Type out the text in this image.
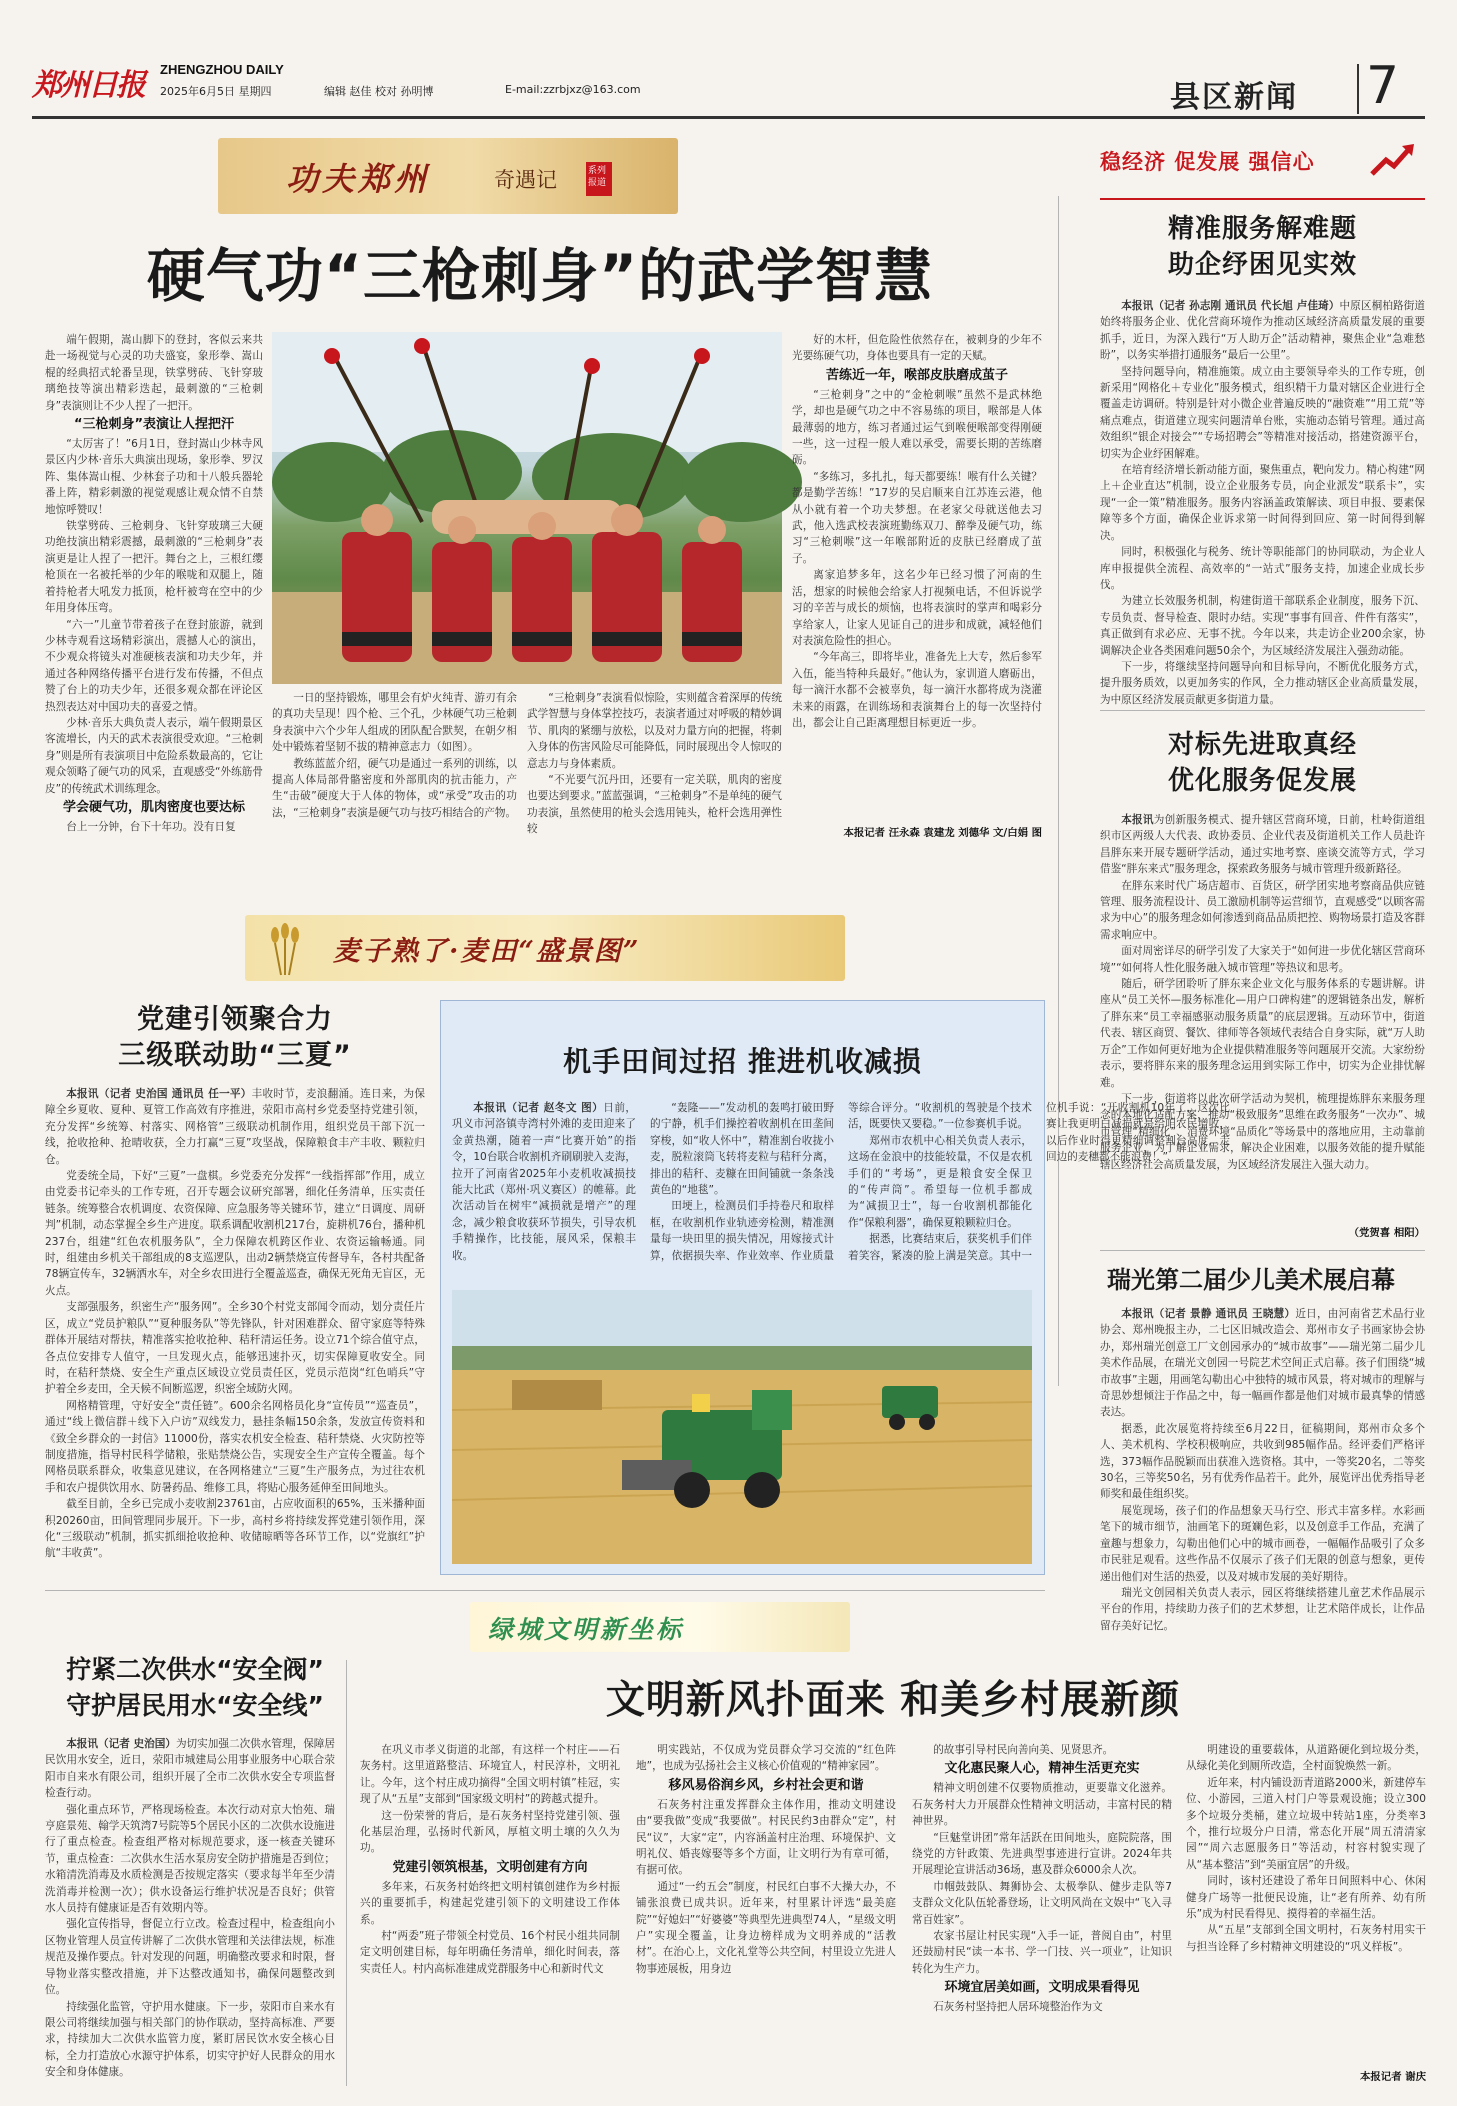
郑州日报	ZHENGZHOU DAILY
2025年6月5日 星期四	编辑 赵佳 校对 孙明博	E-mail:zzrbjxz@163.com	县区新闻	7
稳经济 促发展 强信心
功夫郑州	奇遇记	系列报道
硬气功“三枪刺身”的武学智慧

端午假期，嵩山脚下的登封，客似云来共赴一场视觉与心灵的功夫盛宴，象形拳、嵩山棍的经典招式轮番呈现，铁掌劈砖、飞针穿玻璃绝技等演出精彩迭起，最刺激的“三枪刺身”表演则让不少人捏了一把汗。

“三枪刺身”表演让人捏把汗

“太厉害了！”6月1日，登封嵩山少林寺风景区内少林·音乐大典演出现场，象形拳、罗汉阵、集体嵩山棍、少林套子功和十八般兵器轮番上阵，精彩刺激的视觉观感让观众情不自禁地惊呼赞叹！

铁掌劈砖、三枪刺身、飞针穿玻璃三大硬功绝技演出精彩震撼，最刺激的“三枪刺身”表演更是让人捏了一把汗。舞台之上，三根红缨枪顶在一名被托举的少年的喉咙和双腿上，随着持枪者大吼发力抵顶，枪杆被弯在空中的少年用身体压弯。

“六一”儿童节带着孩子在登封旅游，就到少林寺观看这场精彩演出，震撼人心的演出，不少观众将镜头对准硬核表演和功夫少年，并通过各种网络传播平台进行发布传播，不但点赞了台上的功夫少年，还很多观众都在评论区热烈表达对中国功夫的喜爱之情。

少林·音乐大典负责人表示，端午假期景区客流增长，内天的武术表演很受欢迎。“三枪刺身”则是所有表演项目中危险系数最高的，它让观众领略了硬气功的风采，直观感受“外练筋骨皮”的传统武术训练理念。

学会硬气功，肌肉密度也要达标

台上一分钟，台下十年功。没有日复

一日的坚持锻炼，哪里会有炉火纯青、游刃有余的真功夫呈现！四个枪、三个孔，少林硬气功三枪刺身表演中六个少年人组成的团队配合默契，在朝夕相处中锻炼着坚韧不拔的精神意志力（如图）。

教练蓝蓝介绍，硬气功是通过一系列的训练，以提高人体局部骨骼密度和外部肌肉的抗击能力，产生“击破”硬度大于人体的物体，或“承受”攻击的功法，“三枪刺身”表演是硬气功与技巧相结合的产物。

“三枪刺身”表演看似惊险，实则蕴含着深厚的传统武学智慧与身体掌控技巧，表演者通过对呼吸的精妙调节、肌肉的紧绷与放松，以及对力量方向的把握，将刺入身体的伤害风险尽可能降低，同时展现出令人惊叹的意志力与身体素质。

“不光要气沉丹田，还要有一定关联，肌肉的密度也要达到要求。”蓝蓝强调，“三枪刺身”不是单纯的硬气功表演，虽然使用的枪头会选用钝头，枪杆会选用弹性较

好的木杆，但危险性依然存在，被刺身的少年不光要练硬气功，身体也要具有一定的天赋。

苦练近一年，喉部皮肤磨成茧子

“三枪刺身”之中的“金枪刺喉”虽然不是武林绝学，却也是硬气功之中不容易练的项目，喉部是人体最薄弱的地方，练习者通过运气到喉便喉部变得刚硬一些，这一过程一般人难以承受，需要长期的苦练磨砺。

“多练习，多扎扎，每天都要练！喉有什么关键？都是勤学苦练！”17岁的吴启顺来自江苏连云港，他从小就有着一个功夫梦想。在老家父母就送他去习武，他入选武校表演班勤练双刀、醉拳及硬气功，练习“三枪刺喉”这一年喉部附近的皮肤已经磨成了茧子。

离家追梦多年，这名少年已经习惯了河南的生活，想家的时候他会给家人打视频电话，不但诉说学习的辛苦与成长的烦恼，也将表演时的掌声和喝彩分享给家人，让家人见证自己的进步和成就，减轻他们对表演危险性的担心。

“今年高三，即将毕业，准备先上大专，然后参军入伍，能当特种兵最好。”他认为，家训道人磨砺出，每一滴汗水都不会被辜负，每一滴汗水都将成为浇灌未来的雨露，在训练场和表演舞台上的每一次坚持付出，都会让自己距离理想目标更近一步。

本报记者 汪永森 袁建龙 刘德华 文/白娟 图
精准服务解难题
助企纾困见实效

本报讯（记者 孙志刚 通讯员 代长旭 卢佳琦）中原区桐柏路街道始终将服务企业、优化营商环境作为推动区域经济高质量发展的重要抓手，近日，为深入践行“万人助万企”活动精神，聚焦企业“急难愁盼”，以务实举措打通服务“最后一公里”。

坚持问题导向，精准施策。成立由主要领导牵头的工作专班，创新采用“网格化＋专业化”服务模式，组织精干力量对辖区企业进行全覆盖走访调研。特别是针对小微企业普遍反映的“融资难”“用工荒”等痛点难点，街道建立现实问题清单台账，实施动态销号管理。通过高效组织“银企对接会”“专场招聘会”等精准对接活动，搭建资源平台，切实为企业纾困解难。

在培育经济增长新动能方面，聚焦重点，靶向发力。精心构建“网上＋企业直达”机制，设立企业服务专员，向企业派发“联系卡”，实现“一企一策”精准服务。服务内容涵盖政策解读、项目申报、要素保障等多个方面，确保企业诉求第一时间得到回应、第一时间得到解决。

同时，积极强化与税务、统计等职能部门的协同联动，为企业人库申报提供全流程、高效率的“一站式”服务支持，加速企业成长步伐。

为建立长效服务机制，构建街道干部联系企业制度，服务下沉、专员负责、督导检查、限时办结。实现“事事有回音、件件有落实”，真正做到有求必应、无事不扰。今年以来，共走访企业200余家，协调解决企业各类困难问题50余个，为区域经济发展注入强劲动能。

下一步，将继续坚持问题导向和目标导向，不断优化服务方式，提升服务质效，以更加务实的作风，全力推动辖区企业高质量发展，为中原区经济发展贡献更多街道力量。

对标先进取真经
优化服务促发展

本报讯为创新服务模式、提升辖区营商环境，日前，杜岭街道组织市区两级人大代表、政协委员、企业代表及街道机关工作人员赴许昌胖东来开展专题研学活动，通过实地考察、座谈交流等方式，学习借鉴“胖东来式”服务理念，探索政务服务与城市管理升级新路径。

在胖东来时代广场店超市、百货区，研学团实地考察商品供应链管理、服务流程设计、员工激励机制等运营细节，直观感受“以顾客需求为中心”的服务理念如何渗透到商品品质把控、购物场景打造及客群需求响应中。

面对周密详尽的研学引发了大家关于“如何进一步优化辖区营商环境”“如何将人性化服务融入城市管理”等热议和思考。

随后，研学团聆听了胖东来企业文化与服务体系的专题讲解。讲座从“员工关怀—服务标准化—用户口碑构建”的逻辑链条出发，解析了胖东来“员工幸福感驱动服务质量”的底层逻辑。互动环节中，街道代表、辖区商贸、餐饮、律师等各领域代表结合自身实际，就“万人助万企”工作如何更好地为企业提供精准服务等问题展开交流。大家纷纷表示，要将胖东来的服务理念运用到实际工作中，切实为企业排忧解难。

下一步，街道将以此次研学活动为契机，梳理提炼胖东来服务理念的本地化适配方案，推动“极致服务”思维在政务服务“一次办”、城市管理“精细化”、消费环境“品质化”等场景中的落地应用，主动靠前服务企业，为了解企业需求，解决企业困难，以服务效能的提升赋能辖区经济社会高质量发展，为区域经济发展注入强大动力。

（党贺喜 相阳）
瑞光第二届少儿美术展启幕

本报讯（记者 景静 通讯员 王晓慧）近日，由河南省艺术品行业协会、郑州晚报主办，二七区旧城改造会、郑州市女子书画家协会协办，郑州瑞光创意工厂文创园承办的“城市故事”——瑞光第二届少儿美术作品展，在瑞光文创园一号院艺术空间正式启幕。孩子们围绕“城市故事”主题，用画笔勾勒出心中独特的城市风景，将对城市的理解与奇思妙想倾注于作品之中，每一幅画作都是他们对城市最真挚的情感表达。

据悉，此次展览将持续至6月22日，征稿期间，郑州市众多个人、美术机构、学校积极响应，共收到985幅作品。经评委们严格评选，373幅作品脱颖而出获准入选资格。其中，一等奖20名，二等奖30名，三等奖50名，另有优秀作品若干。此外，展览评出优秀指导老师奖和最佳组织奖。

展览现场，孩子们的作品想象天马行空、形式丰富多样。水彩画笔下的城市细节，油画笔下的斑斓色彩，以及创意手工作品，充满了童趣与想象力，勾勒出他们心中的城市画卷，一幅幅作品吸引了众多市民驻足观看。这些作品不仅展示了孩子们无限的创意与想象，更传递出他们对生活的热爱，以及对城市发展的美好期待。

瑞光文创园相关负责人表示，园区将继续搭建儿童艺术作品展示平台的作用，持续助力孩子们的艺术梦想，让艺术陪伴成长，让作品留存美好记忆。

麦子熟了·麦田“盛景图”
党建引领聚合力
三级联动助“三夏”

本报讯（记者 史治国 通讯员 任一平）丰收时节，麦浪翻涌。连日来，为保障全乡夏收、夏种、夏管工作高效有序推进，荥阳市高村乡党委坚持党建引领，充分发挥“乡统筹、村落实、网格管”三级联动机制作用，组织党员干部下沉一线，抢收抢种、抢晴收获，全力打赢“三夏”攻坚战，保障粮食丰产丰收、颗粒归仓。

党委统全局，下好“三夏”一盘棋。乡党委充分发挥“一线指挥部”作用，成立由党委书记牵头的工作专班，召开专题会议研究部署，细化任务清单，压实责任链条。统筹整合农机调度、农资保障、应急服务等关键环节，建立“日调度、周研判”机制，动态掌握全乡生产进度。联系调配收割机217台，旋耕机76台，播种机237台，组建“红色农机服务队”，全力保障农机跨区作业、农资运输畅通。同时，组建由乡机关干部组成的8支巡逻队，出动2辆禁烧宣传督导车，各村共配备78辆宣传车，32辆洒水车，对全乡农田进行全覆盖巡查，确保无死角无盲区，无火点。

支部强服务，织密生产“服务网”。全乡30个村党支部闻令而动，划分责任片区，成立“党员护粮队”“夏种服务队”等先锋队，针对困难群众、留守家庭等特殊群体开展结对帮扶，精准落实抢收抢种、秸秆清运任务。设立71个综合值守点，各点位安排专人值守，一旦发现火点，能够迅速扑灭，切实保障夏收安全。同时，在秸秆禁烧、安全生产重点区域设立党员责任区，党员示范岗“红色哨兵”守护着全乡麦田，全天候不间断巡逻，织密全域防火网。

网格精管理，守好安全“责任链”。600余名网格员化身“宣传员”“巡查员”，通过“线上微信群＋线下入户访”双线发力，悬挂条幅150余条，发放宣传资料和《致全乡群众的一封信》11000份，落实农机安全检查、秸秆禁烧、火灾防控等制度措施，指导村民科学储粮，张贴禁烧公告，实现安全生产宣传全覆盖。每个网格员联系群众，收集意见建议，在各网格建立“三夏”生产服务点，为过往农机手和农户提供饮用水、防暑药品、维修工具，将贴心服务延伸至田间地头。

截至目前，全乡已完成小麦收割23761亩，占应收面积的65%，玉米播种面积20260亩，田间管理同步展开。下一步，高村乡将持续发挥党建引领作用，深化“三级联动”机制，抓实抓细抢收抢种、收储晾晒等各环节工作，以“党旗红”护航“丰收黄”。

机手田间过招 推进机收减损

本报讯（记者 赵冬文 图）日前，巩义市河洛镇寺湾村外滩的麦田迎来了金黄热潮，随着一声“比赛开始”的指令，10台联合收割机齐刷刷驶入麦海，拉开了河南省2025年小麦机收减损技能大比武（郑州·巩义赛区）的帷幕。此次活动旨在树牢“减损就是增产”的理念，减少粮食收获环节损失，引导农机手精操作，比技能，展风采，保粮丰收。

“轰隆——”发动机的轰鸣打破田野的宁静，机手们操控着收割机在田垄间穿梭，如“收人怀中”，精准割台收拢小麦，脱粒滚筒飞转将麦粒与秸秆分离，排出的秸秆、麦糠在田间铺就一条条浅黄色的“地毯”。

田埂上，检测员们手持卷尺和取样框，在收割机作业轨迹旁检测，精准测量每一块田里的损失情况，用嫁接式计算，依据损失率、作业效率、作业质量等综合评分。“收割机的驾驶是个技术活，既要快又要稳。”一位参赛机手说。

郑州市农机中心相关负责人表示，这场在金浪中的技能较量，不仅是农机手们的“考场”，更是粮食安全保卫的“传声筒”。希望每一位机手都成为“减损卫士”，每一台收割机都能化作“保粮利器”，确保夏粮颗粒归仓。

据悉，比赛结束后，获奖机手们伴着笑容，紧凑的脸上满是笑意。其中一位机手说：“开收割机10年了，这次比赛让我更明白减损就是给咱农民增收，以后作业时得更精细调整割台高度，走回边的麦穗都不能浪费！”

绿城文明新坐标
拧紧二次供水“安全阀”
守护居民用水“安全线”

本报讯（记者 史治国）为切实加强二次供水管理，保障居民饮用水安全，近日，荥阳市城建局公用事业服务中心联合荥阳市自来水有限公司，组织开展了全市二次供水安全专项监督检查行动。

强化重点环节，严格现场检查。本次行动对京大怡苑、瑞亨庭景苑、翰学天筑湾7号院等5个居民小区的二次供水设施进行了重点检查。检查组严格对标规范要求，逐一核查关键环节，重点检查：二次供水生活水泵房安全防护措施是否到位；水箱清洗消毒及水质检测是否按规定落实（要求每半年至少清洗消毒并检测一次）；供水设备运行维护状况是否良好；供管水人员持有健康证是否有效期内等。

强化宣传指导，督促立行立改。检查过程中，检查组向小区物业管理人员宣传讲解了二次供水管理和关法律法规，标准规范及操作要点。针对发现的问题，明确整改要求和时限，督导物业落实整改措施，并下达整改通知书，确保问题整改到位。

持续强化监管，守护用水健康。下一步，荥阳市自来水有限公司将继续加强与相关部门的协作联动，坚持高标准、严要求，持续加大二次供水监管力度，紧盯居民饮水安全核心目标，全力打造放心水源守护体系，切实守护好人民群众的用水安全和身体健康。

文明新风扑面来 和美乡村展新颜

在巩义市孝义街道的北部，有这样一个村庄——石灰务村。这里道路整洁、环境宜人，村民淳朴，文明礼让。今年，这个村庄成功摘得“全国文明村镇”桂冠，实现了从“五星”支部到“国家级文明村”的跨越式提升。

这一份荣誉的背后，是石灰务村坚持党建引领、强化基层治理，弘扬时代新风，厚植文明土壤的久久为功。

党建引领筑根基，文明创建有方向

多年来，石灰务村始终把文明村镇创建作为乡村振兴的重要抓手，构建起党建引领下的文明建设工作体系。

村“两委”班子带领全村党员、16个村民小组共同制定文明创建目标，每年明确任务清单，细化时间表，落实责任人。村内高标准建成党群服务中心和新时代文

明实践站，不仅成为党员群众学习交流的“红色阵地”，也成为弘扬社会主义核心价值观的“精神家园”。

移风易俗润乡风，乡村社会更和谐

石灰务村注重发挥群众主体作用，推动文明建设由“要我做”变成“我要做”。村民民约3由群众“定”，村民“议”，大家“定”，内容涵盖村庄治理、环境保护、文明礼仪、婚丧嫁娶等多个方面，让文明行为有章可循，有据可依。

通过“一约五会”制度，村民红白事不大操大办，不铺张浪费已成共识。近年来，村里累计评选“最美庭院”“好媳妇”“好婆婆”等典型先进典型74人，“星级文明户”实现全覆盖，让身边榜样成为文明养成的“活教材”。在治心上，文化礼堂等公共空间，村里设立先进人物事迹展板，用身边

的故事引导村民向善向美、见贤思齐。

文化惠民聚人心，精神生活更充实

精神文明创建不仅要物质推动，更要靠文化滋养。石灰务村大力开展群众性精神文明活动，丰富村民的精神世界。

“巨魅堂讲团”常年活跃在田间地头，庭院院落，围绕党的方针政策、先进典型事迹进行宣讲。2024年共开展理论宣讲活动36场，惠及群众6000余人次。

巾帼鼓鼓队、舞狮协会、太极拳队、健步走队等7支群众文化队伍轮番登场，让文明风尚在文娱中“飞入寻常百姓家”。

农家书屋让村民实现“入手一证，普阅自由”，村里还鼓励村民“读一本书、学一门技、兴一项业”，让知识转化为生产力。

环境宜居美如画，文明成果看得见

石灰务村坚持把人居环境整治作为文

明建设的重要载体，从道路硬化到垃圾分类，从绿化美化到厕所改造，全村面貌焕然一新。

近年来，村内铺设沥青道路2000米，新建停车位、小游园，三道入村门户等景观设施；设立300多个垃圾分类桶，建立垃圾中转站1座，分类率3个，推行垃圾分户日清，常态化开展“周五清清家园”“周六志愿服务日”等活动，村容村貌实现了从“基本整洁”到“美丽宜居”的升级。

同时，该村还建设了希年日间照料中心、休闲健身广场等一批便民设施，让“老有所养、幼有所乐”成为村民看得见、摸得着的幸福生活。

从“五星”支部到全国文明村，石灰务村用实干与担当诠释了乡村精神文明建设的“巩义样板”。

本报记者 谢庆
